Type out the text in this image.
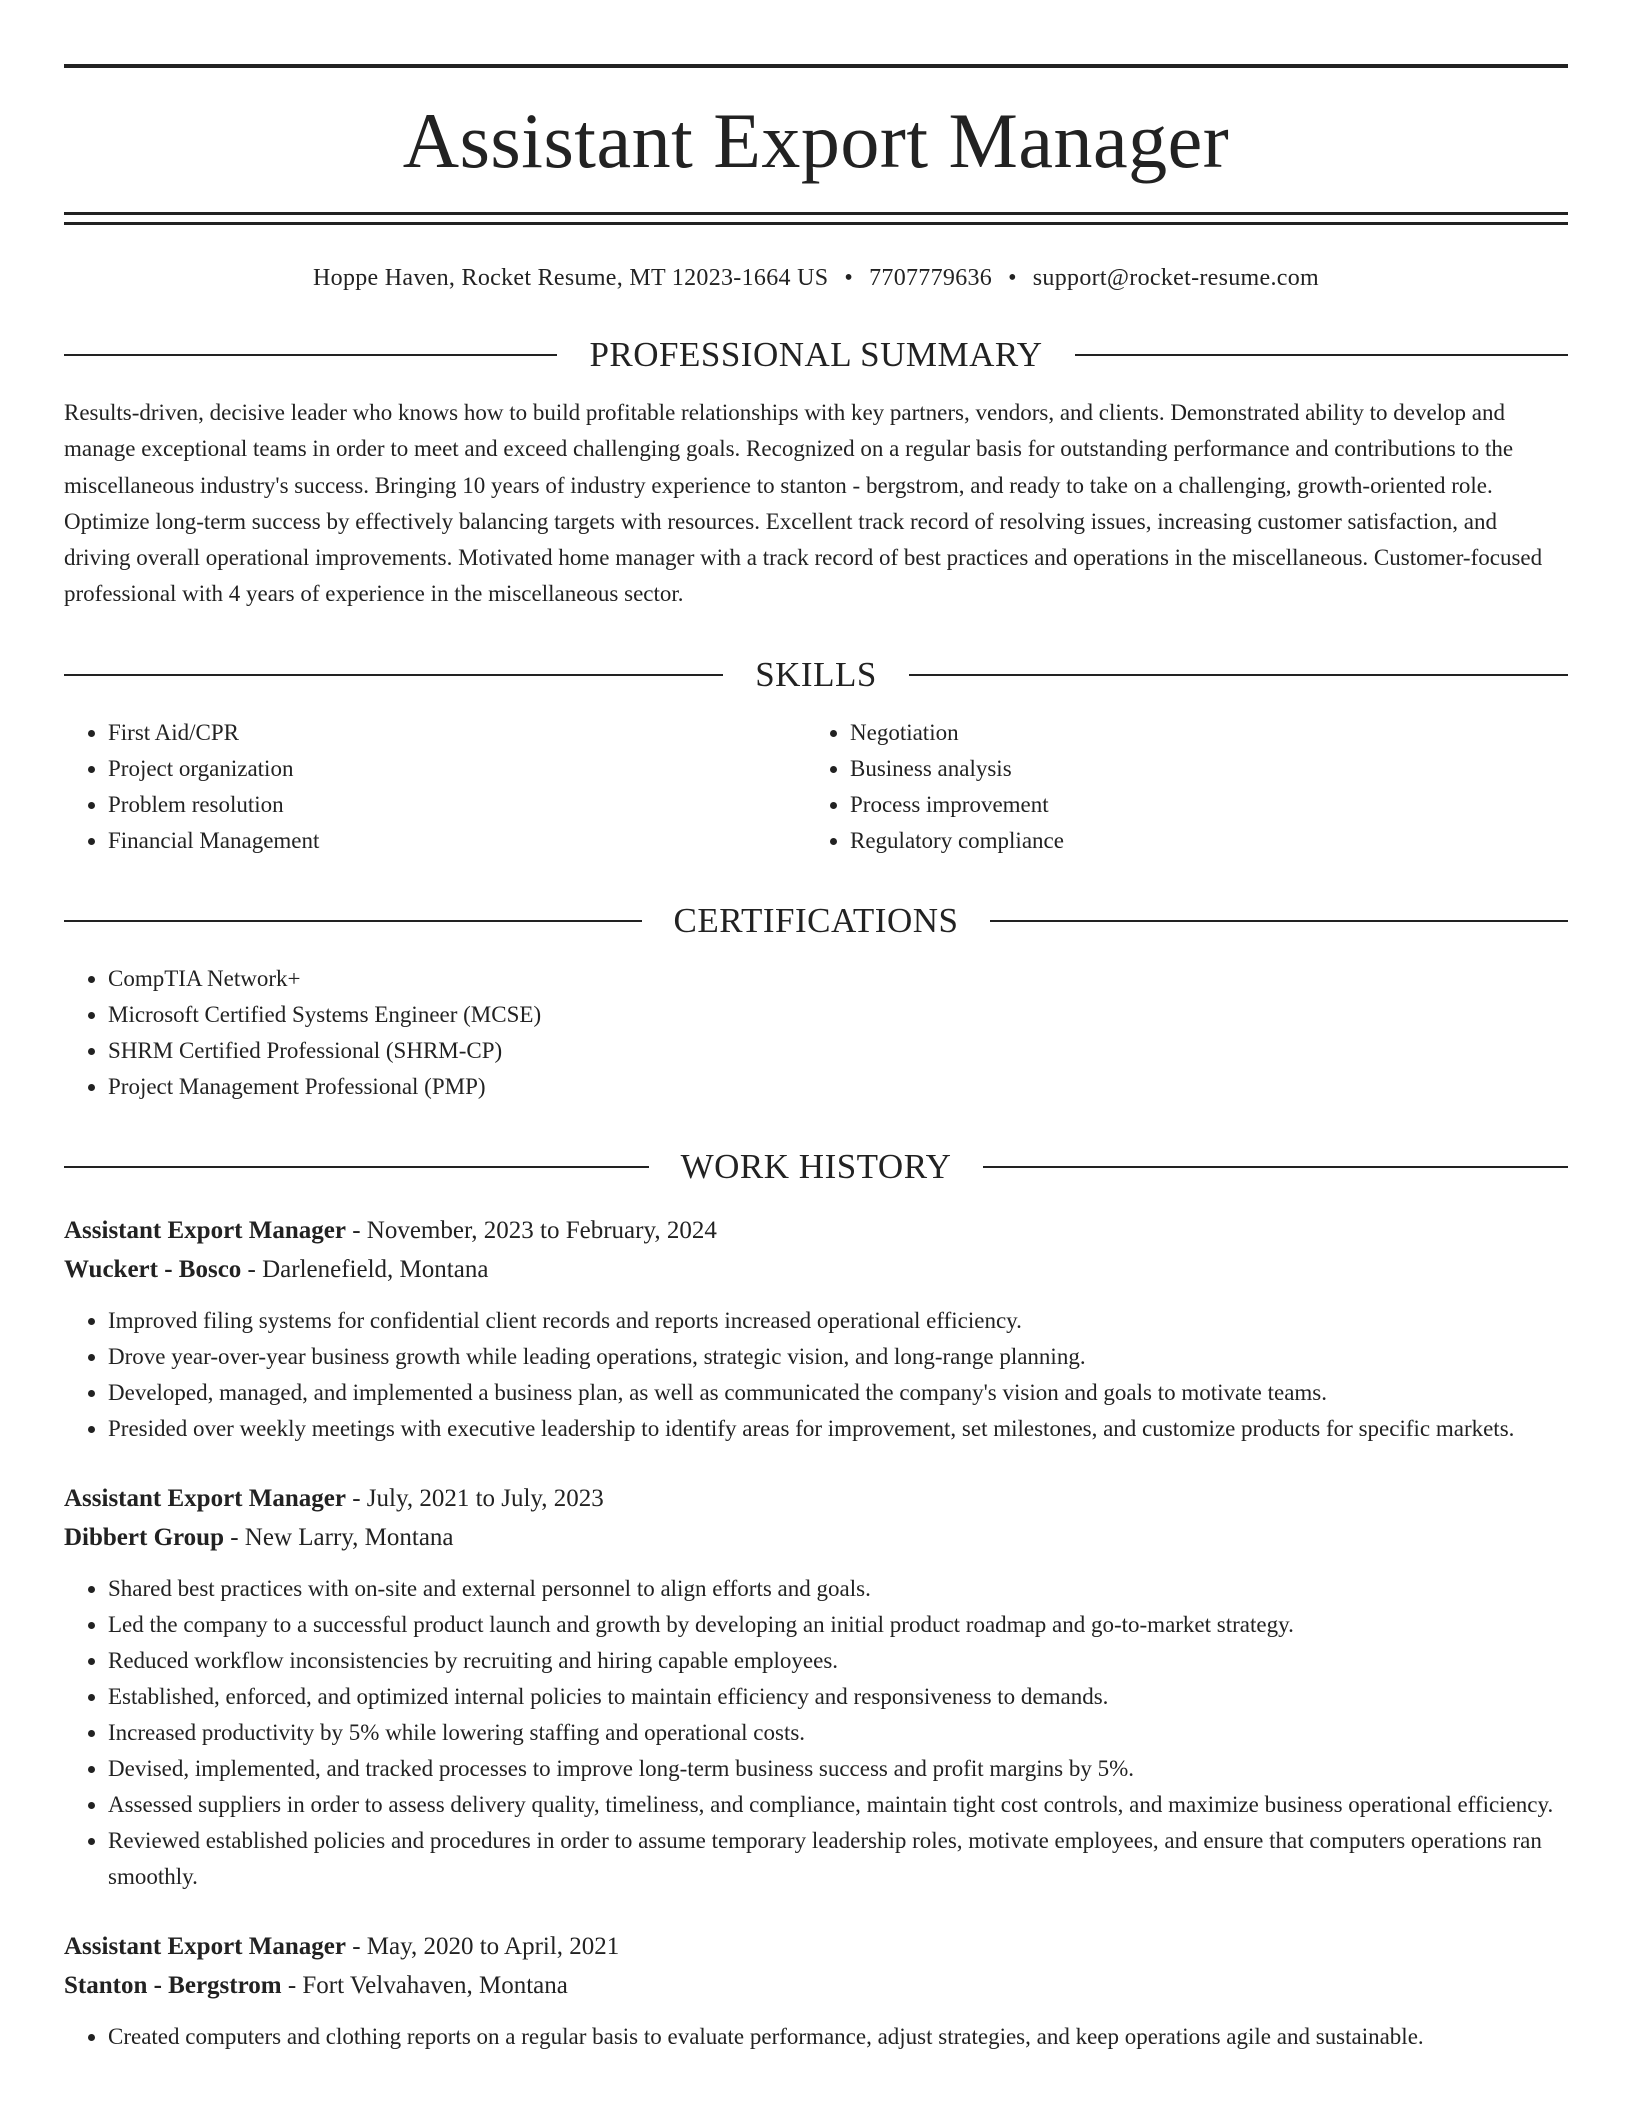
Assistant Export Manager
Hoppe Haven, Rocket Resume, MT 12023-1664 US • 7707779636 • support@rocket-resume.com
PROFESSIONAL SUMMARY
Results-driven, decisive leader who knows how to build profitable relationships with key partners, vendors, and clients. Demonstrated ability to develop and manage exceptional teams in order to meet and exceed challenging goals. Recognized on a regular basis for outstanding performance and contributions to the miscellaneous industry's success. Bringing 10 years of industry experience to stanton - bergstrom, and ready to take on a challenging, growth-oriented role. Optimize long-term success by effectively balancing targets with resources. Excellent track record of resolving issues, increasing customer satisfaction, and driving overall operational improvements. Motivated home manager with a track record of best practices and operations in the miscellaneous. Customer-focused professional with 4 years of experience in the miscellaneous sector.
SKILLS
• First Aid/CPR
• Project organization
• Problem resolution
• Financial Management
• Negotiation
• Business analysis
• Process improvement
• Regulatory compliance
CERTIFICATIONS
• CompTIA Network+
• Microsoft Certified Systems Engineer (MCSE)
• SHRM Certified Professional (SHRM-CP)
• Project Management Professional (PMP)
WORK HISTORY
Assistant Export Manager - November, 2023 to February, 2024
Wuckert - Bosco - Darlenefield, Montana
• Improved filing systems for confidential client records and reports increased operational efficiency.
• Drove year-over-year business growth while leading operations, strategic vision, and long-range planning.
• Developed, managed, and implemented a business plan, as well as communicated the company's vision and goals to motivate teams.
• Presided over weekly meetings with executive leadership to identify areas for improvement, set milestones, and customize products for specific markets.
Assistant Export Manager - July, 2021 to July, 2023
Dibbert Group - New Larry, Montana
• Shared best practices with on-site and external personnel to align efforts and goals.
• Led the company to a successful product launch and growth by developing an initial product roadmap and go-to-market strategy.
• Reduced workflow inconsistencies by recruiting and hiring capable employees.
• Established, enforced, and optimized internal policies to maintain efficiency and responsiveness to demands.
• Increased productivity by 5% while lowering staffing and operational costs.
• Devised, implemented, and tracked processes to improve long-term business success and profit margins by 5%.
• Assessed suppliers in order to assess delivery quality, timeliness, and compliance, maintain tight cost controls, and maximize business operational efficiency.
• Reviewed established policies and procedures in order to assume temporary leadership roles, motivate employees, and ensure that computers operations ran smoothly.
Assistant Export Manager - May, 2020 to April, 2021
Stanton - Bergstrom - Fort Velvahaven, Montana
• Created computers and clothing reports on a regular basis to evaluate performance, adjust strategies, and keep operations agile and sustainable.
